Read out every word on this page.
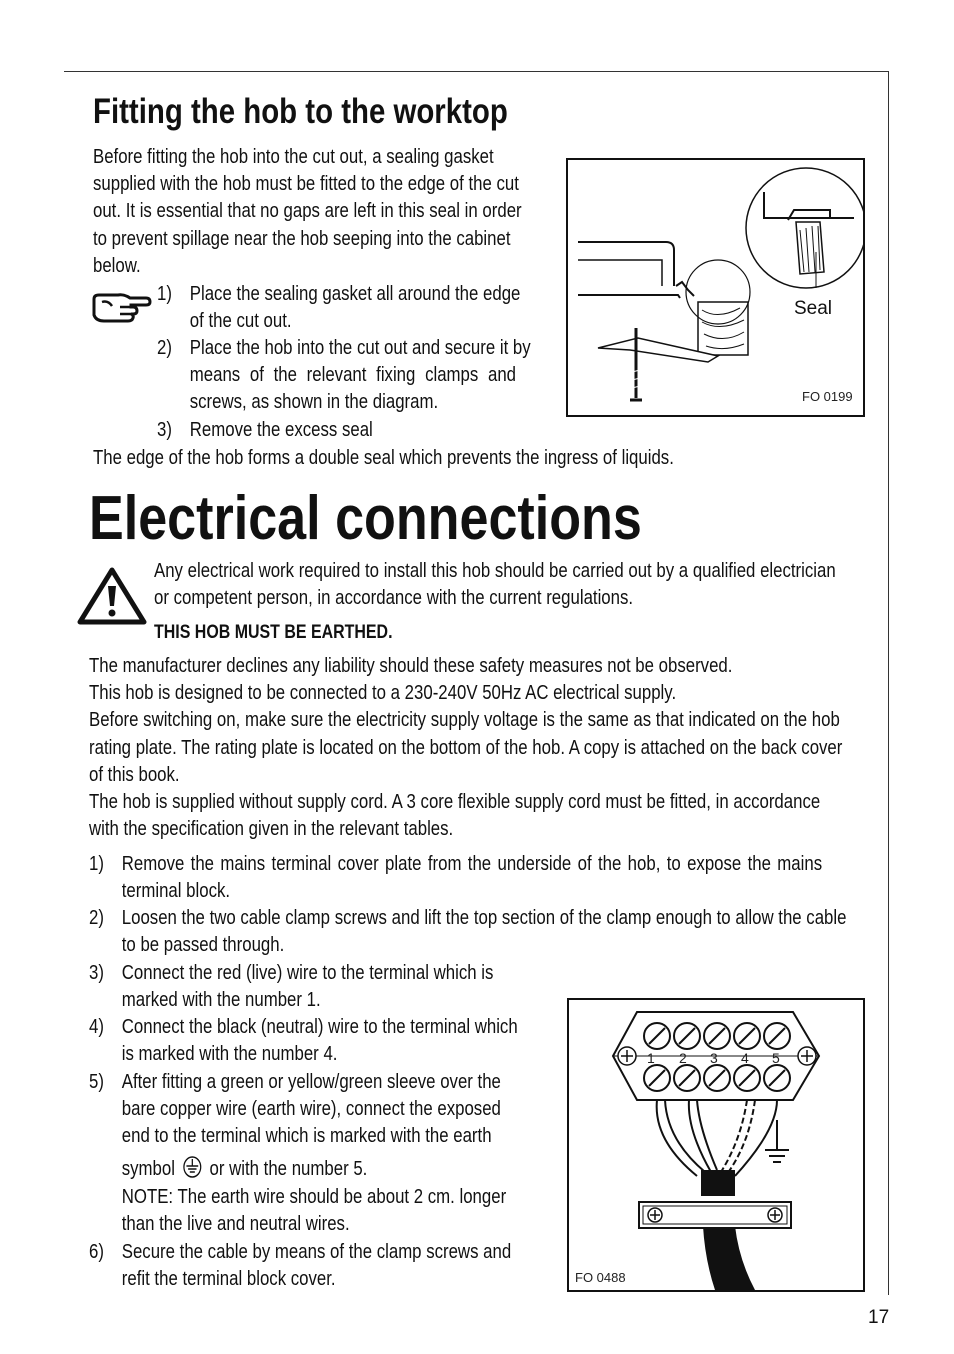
Fitting the hob to the worktop
Before fitting the hob into the cut out, a sealing gasket
supplied with the hob must be fitted to the edge of the cut
out. It is essential that no gaps are left in this seal in order
to prevent spillage near the hob seeping into the cabinet
below.
1) Place the sealing gasket all around the edge
of the cut out.
2) Place the hob into the cut out and secure it by
means of the relevant fixing clamps and
screws, as shown in the diagram.
3) Remove the excess seal
The edge of the hob forms a double seal which prevents the ingress of liquids.
FO 0199
Seal
Electrical connections
Any electrical work required to install this hob should be carried out by a qualified electrician
or competent person, in accordance with the current regulations.
THIS HOB MUST BE EARTHED.
The manufacturer declines any liability should these safety measures not be observed.
This hob is designed to be connected to a 230-240V 50Hz AC electrical supply.
Before switching on, make sure the electricity supply voltage is the same as that indicated on the hob
rating plate. The rating plate is located on the bottom of the hob. A copy is attached on the back cover
of this book.
The hob is supplied without supply cord. A 3 core flexible supply cord must be fitted, in accordance
with the specification given in the relevant tables.
1) Remove the mains terminal cover plate from the underside of the hob, to expose the mains
terminal block.
2) Loosen the two cable clamp screws and lift the top section of the clamp enough to allow the cable
to be passed through.
3) Connect the red (live) wire to the terminal which is
marked with the number 1.
4) Connect the black (neutral) wire to the terminal which
is marked with the number 4.
5) After fitting a green or yellow/green sleeve over the
bare copper wire (earth wire), connect the exposed
end to the terminal which is marked with the earth
symbol or with the number 5.
NOTE: The earth wire should be about 2 cm. longer
than the live and neutral wires.
6) Secure the cable by means of the clamp screws and
refit the terminal block cover.
1 2 3 4 5
FO 0488
17
